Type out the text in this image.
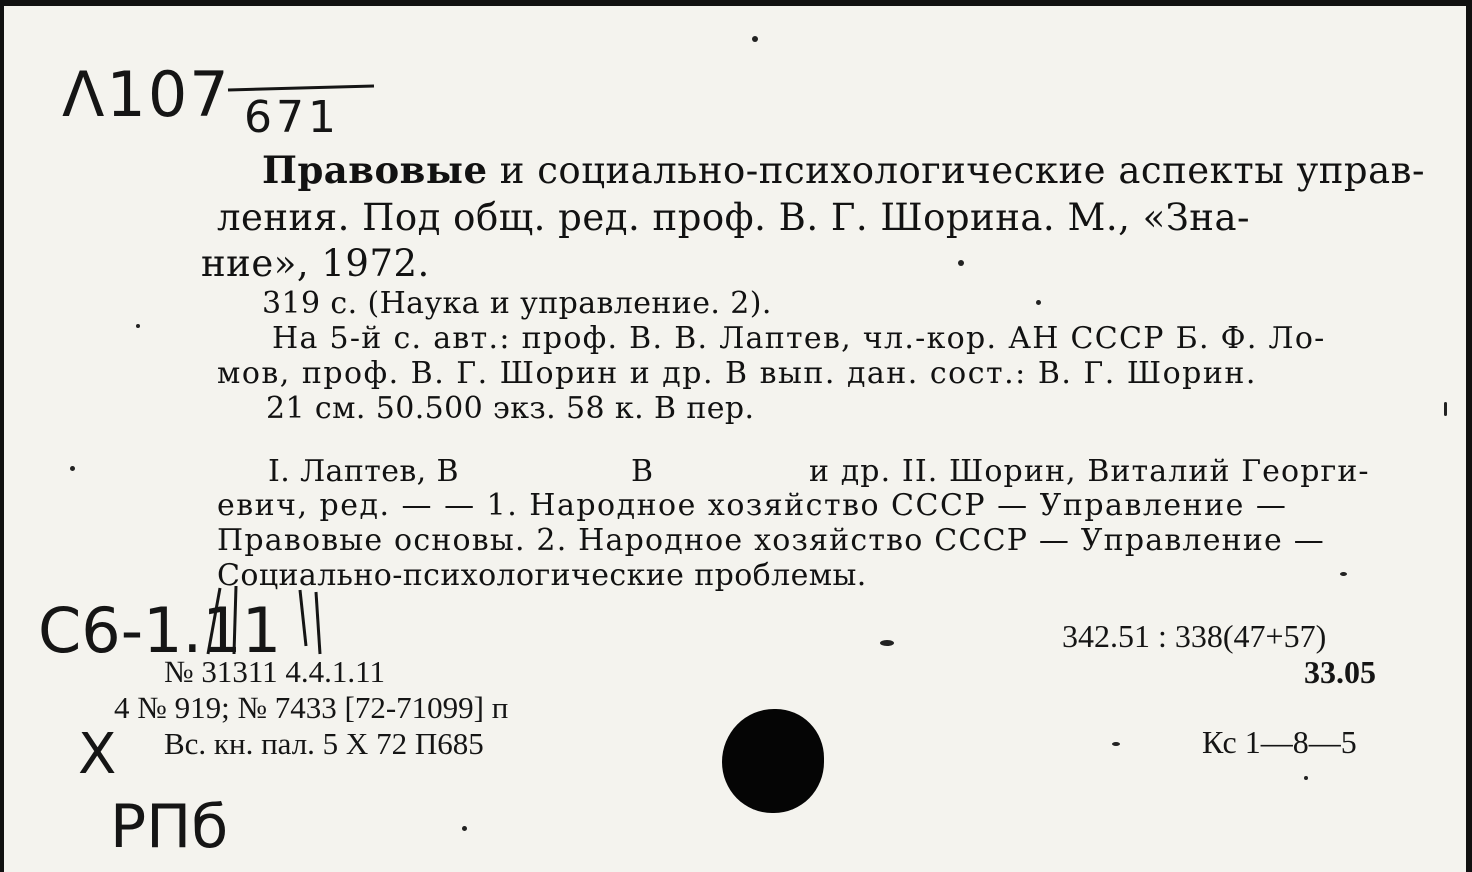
Λ107 671
Правовые и социально-психологические аспекты управ-
ления. Под общ. ред. проф. В. Г. Шорина. М., «Зна-
ние», 1972.
319 с. (Наука и управление. 2).
На 5-й с. авт.: проф. В. В. Лаптев, чл.-кор. АН СССР Б. Ф. Ло-
мов, проф. В. Г. Шорин и др. В вып. дан. сост.: В. Г. Шорин.
21 см. 50.500 экз. 58 к. В пер.
I. Лаптев, В	В	и др. II. Шорин, Виталий Георги-
евич, ред. — — 1. Народное хозяйство СССР — Управление —
Правовые основы. 2. Народное хозяйство СССР — Управление —
Социально-психологические проблемы.
С6-1.11
X
РПб
№ 31311 4.4.1.11
4 № 919; № 7433 [72-71099] п
Вс. кн. пал. 5 Х 72 П685
342.51 : 338(47+57)
33.05
Кс 1—8—5
